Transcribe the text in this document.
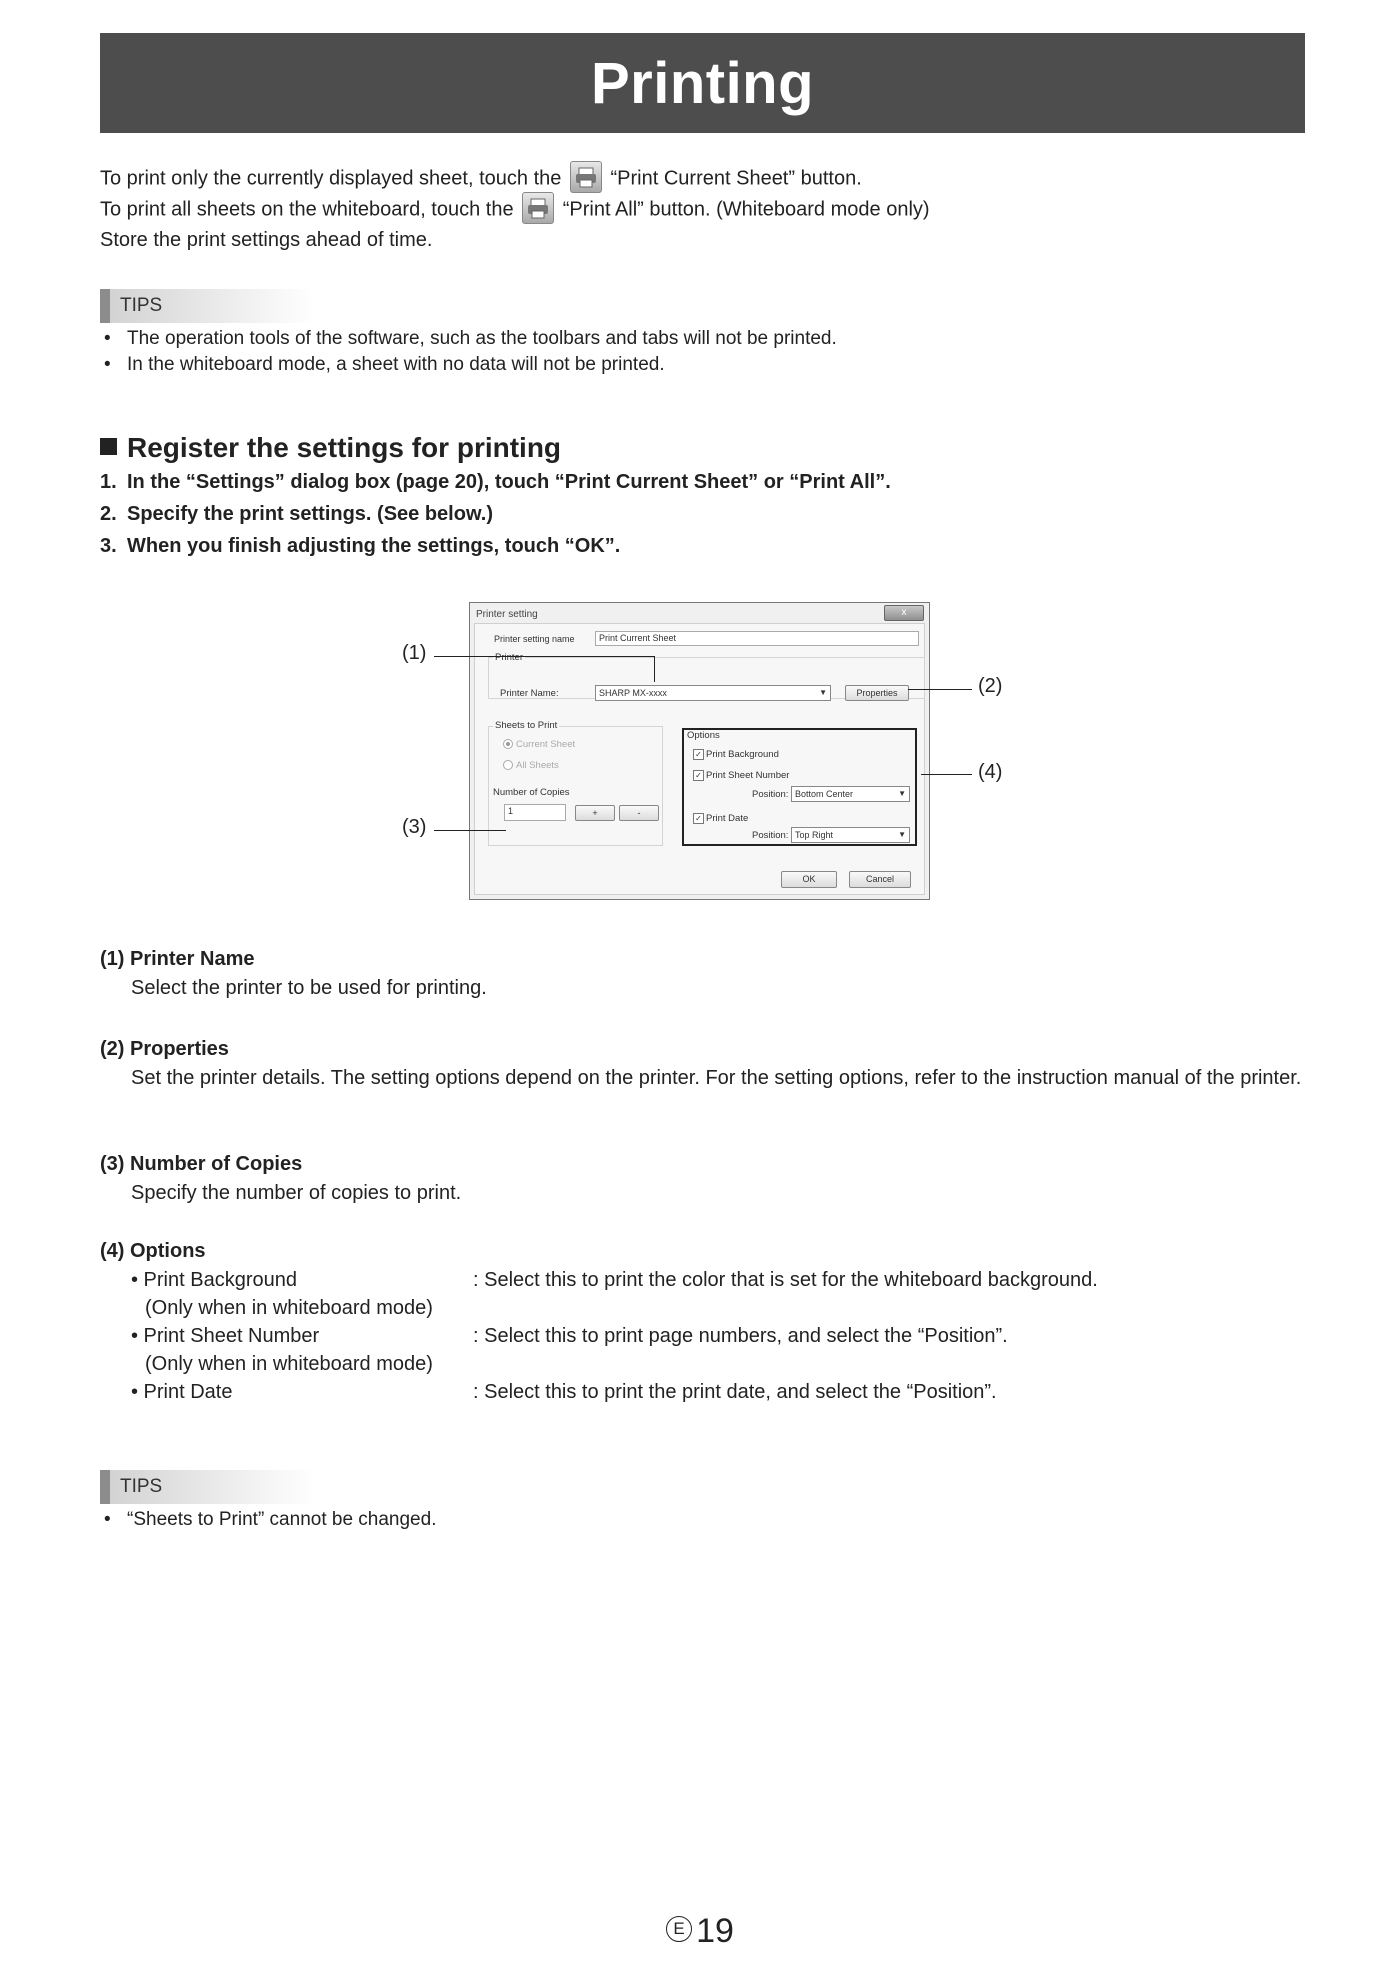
Printing
To print only the currently displayed sheet, touch the “Print Current Sheet” button.
To print all sheets on the whiteboard, touch the “Print All” button. (Whiteboard mode only)
Store the print settings ahead of time.
TIPS
• The operation tools of the software, such as the toolbars and tabs will not be printed.
• In the whiteboard mode, a sheet with no data will not be printed.
Register the settings for printing
1. In the “Settings” dialog box (page 20), touch “Print Current Sheet” or “Print All”.
2. Specify the print settings. (See below.)
3. When you finish adjusting the settings, touch “OK”.
Printer setting	x
Printer setting name	Print Current Sheet
Printer
Printer Name:	SHARP MX-xxxx	▼	Properties
Sheets to Print
Current Sheet
All Sheets
Number of Copies
1	+	-
Options
✓ Print Background
✓ Print Sheet Number
Position: Bottom Center	▼
✓ Print Date
Position: Top Right	▼
OK	Cancel
(1)
(2)
(4)
(3)
(1) Printer Name
Select the printer to be used for printing.
(2) Properties
Set the printer details. The setting options depend on the printer. For the setting options, refer to the instruction manual of the printer.
(3) Number of Copies
Specify the number of copies to print.
(4) Options
• Print Background	: Select this to print the color that is set for the whiteboard background.
(Only when in whiteboard mode)
• Print Sheet Number	: Select this to print page numbers, and select the “Position”.
(Only when in whiteboard mode)
• Print Date	: Select this to print the print date, and select the “Position”.
TIPS
• “Sheets to Print” cannot be changed.
E 19
